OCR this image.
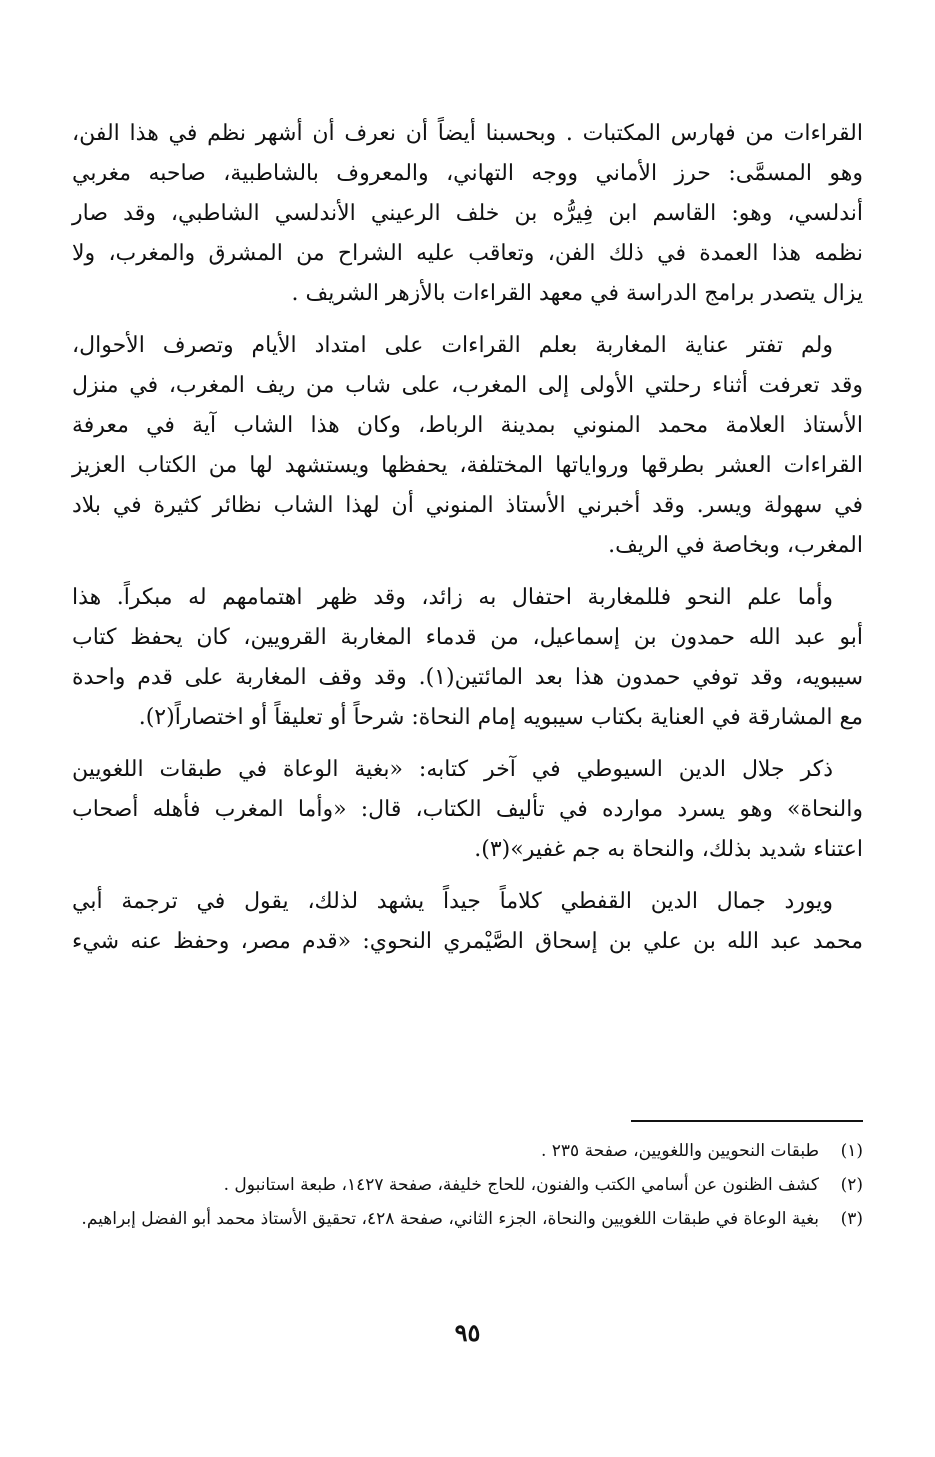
القراءات من فهارس المكتبات . وبحسبنا أيضاً أن نعرف أن أشهر نظم في هذا الفن،
وهو المسمَّى: حرز الأماني ووجه التهاني، والمعروف بالشاطبية، صاحبه مغربي
أندلسي، وهو: القاسم ابن فِيرُّه بن خلف الرعيني الأندلسي الشاطبي، وقد صار
نظمه هذا العمدة في ذلك الفن، وتعاقب عليه الشراح من المشرق والمغرب، ولا
يزال يتصدر برامج الدراسة في معهد القراءات بالأزهر الشريف .
ولم تفتر عناية المغاربة بعلم القراءات على امتداد الأيام وتصرف الأحوال،
وقد تعرفت أثناء رحلتي الأولى إلى المغرب، على شاب من ريف المغرب، في منزل
الأستاذ العلامة محمد المنوني بمدينة الرباط، وكان هذا الشاب آية في معرفة
القراءات العشر بطرقها ورواياتها المختلفة، يحفظها ويستشهد لها من الكتاب العزيز
في سهولة ويسر. وقد أخبرني الأستاذ المنوني أن لهذا الشاب نظائر كثيرة في بلاد
المغرب، وبخاصة في الريف.
وأما علم النحو فللمغاربة احتفال به زائد، وقد ظهر اهتمامهم له مبكراً. هذا
أبو عبد الله حمدون بن إسماعيل، من قدماء المغاربة القرويين، كان يحفظ كتاب
سيبويه، وقد توفي حمدون هذا بعد المائتين(١). وقد وقف المغاربة على قدم واحدة
مع المشارقة في العناية بكتاب سيبويه إمام النحاة: شرحاً أو تعليقاً أو اختصاراً(٢).
ذكر جلال الدين السيوطي في آخر كتابه: «بغية الوعاة في طبقات اللغويين
والنحاة» وهو يسرد موارده في تأليف الكتاب، قال: «وأما المغرب فأهله أصحاب
اعتناء شديد بذلك، والنحاة به جم غفير»(٣).
ويورد جمال الدين القفطي كلاماً جيداً يشهد لذلك، يقول في ترجمة أبي
محمد عبد الله بن علي بن إسحاق الصَّيْمري النحوي: «قدم مصر، وحفظ عنه شيء
(١)
طبقات النحويين واللغويين، صفحة ٢٣٥ .
(٢)
كشف الظنون عن أسامي الكتب والفنون، للحاج خليفة، صفحة ١٤٢٧، طبعة استانبول .
(٣)
بغية الوعاة في طبقات اللغويين والنحاة، الجزء الثاني، صفحة ٤٢٨، تحقيق الأستاذ محمد أبو الفضل إبراهيم.
٩٥
